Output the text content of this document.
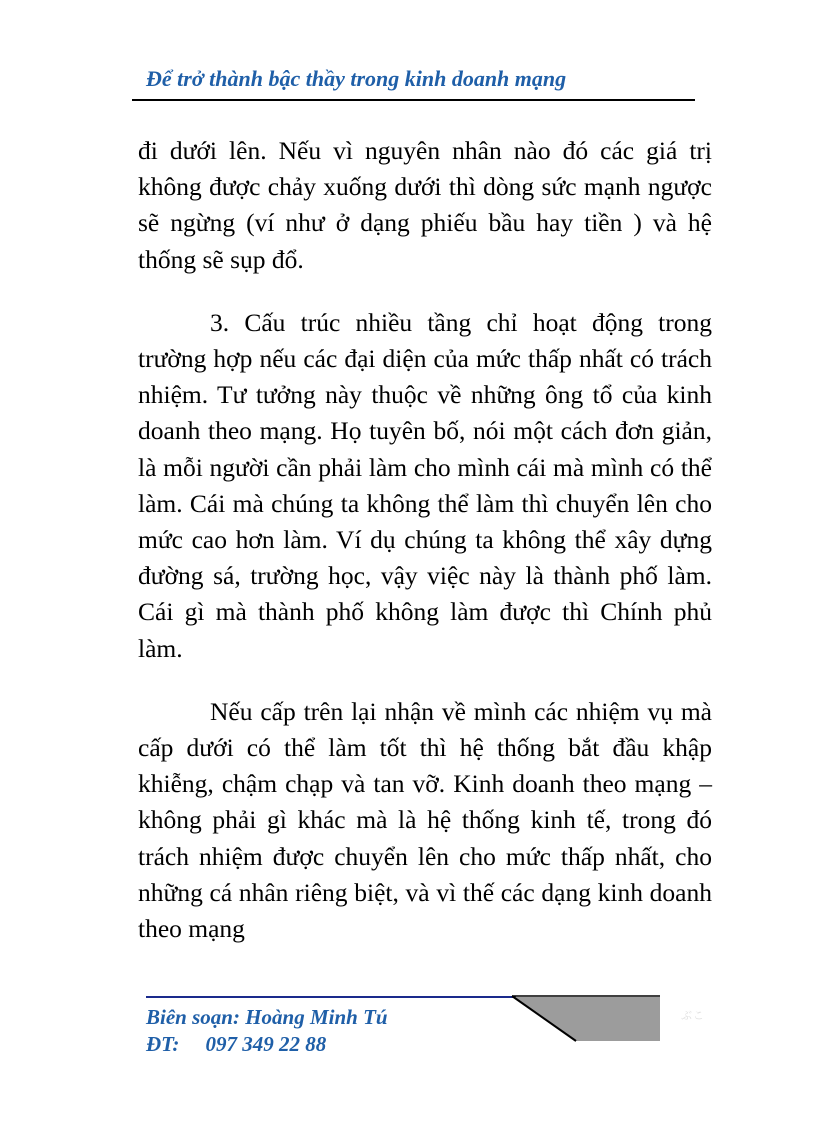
Để trở thành bậc thầy trong kinh doanh mạng

đi dưới lên. Nếu vì nguyên nhân nào đó các giá trị không được chảy xuống dưới thì dòng sức mạnh ngược sẽ ngừng (ví như ở dạng phiếu bầu hay tiền ) và hệ thống sẽ sụp đổ.

3. Cấu trúc nhiều tầng chỉ hoạt động trong trường hợp nếu các đại diện của mức thấp nhất có trách nhiệm. Tư tưởng này thuộc về những ông tổ của kinh doanh theo mạng. Họ tuyên bố, nói một cách đơn giản, là mỗi người cần phải làm cho mình cái mà mình có thể làm. Cái mà chúng ta không thể làm thì chuyển lên cho mức cao hơn làm. Ví dụ chúng ta không thể xây dựng đường sá, trường học, vậy việc này là thành phố làm. Cái gì mà thành phố không làm được thì Chính phủ làm.

Nếu cấp trên lại nhận về mình các nhiệm vụ mà cấp dưới có thể làm tốt thì hệ thống bắt đầu khập khiễng, chậm chạp và tan vỡ. Kinh doanh theo mạng – không phải gì khác mà là hệ thống kinh tế, trong đó trách nhiệm được chuyển lên cho mức thấp nhất, cho những cá nhân riêng biệt, và vì thế các dạng kinh doanh theo mạng

ぶこ
Biên soạn: Hoàng Minh Tú
ĐT: 097 349 22 88
